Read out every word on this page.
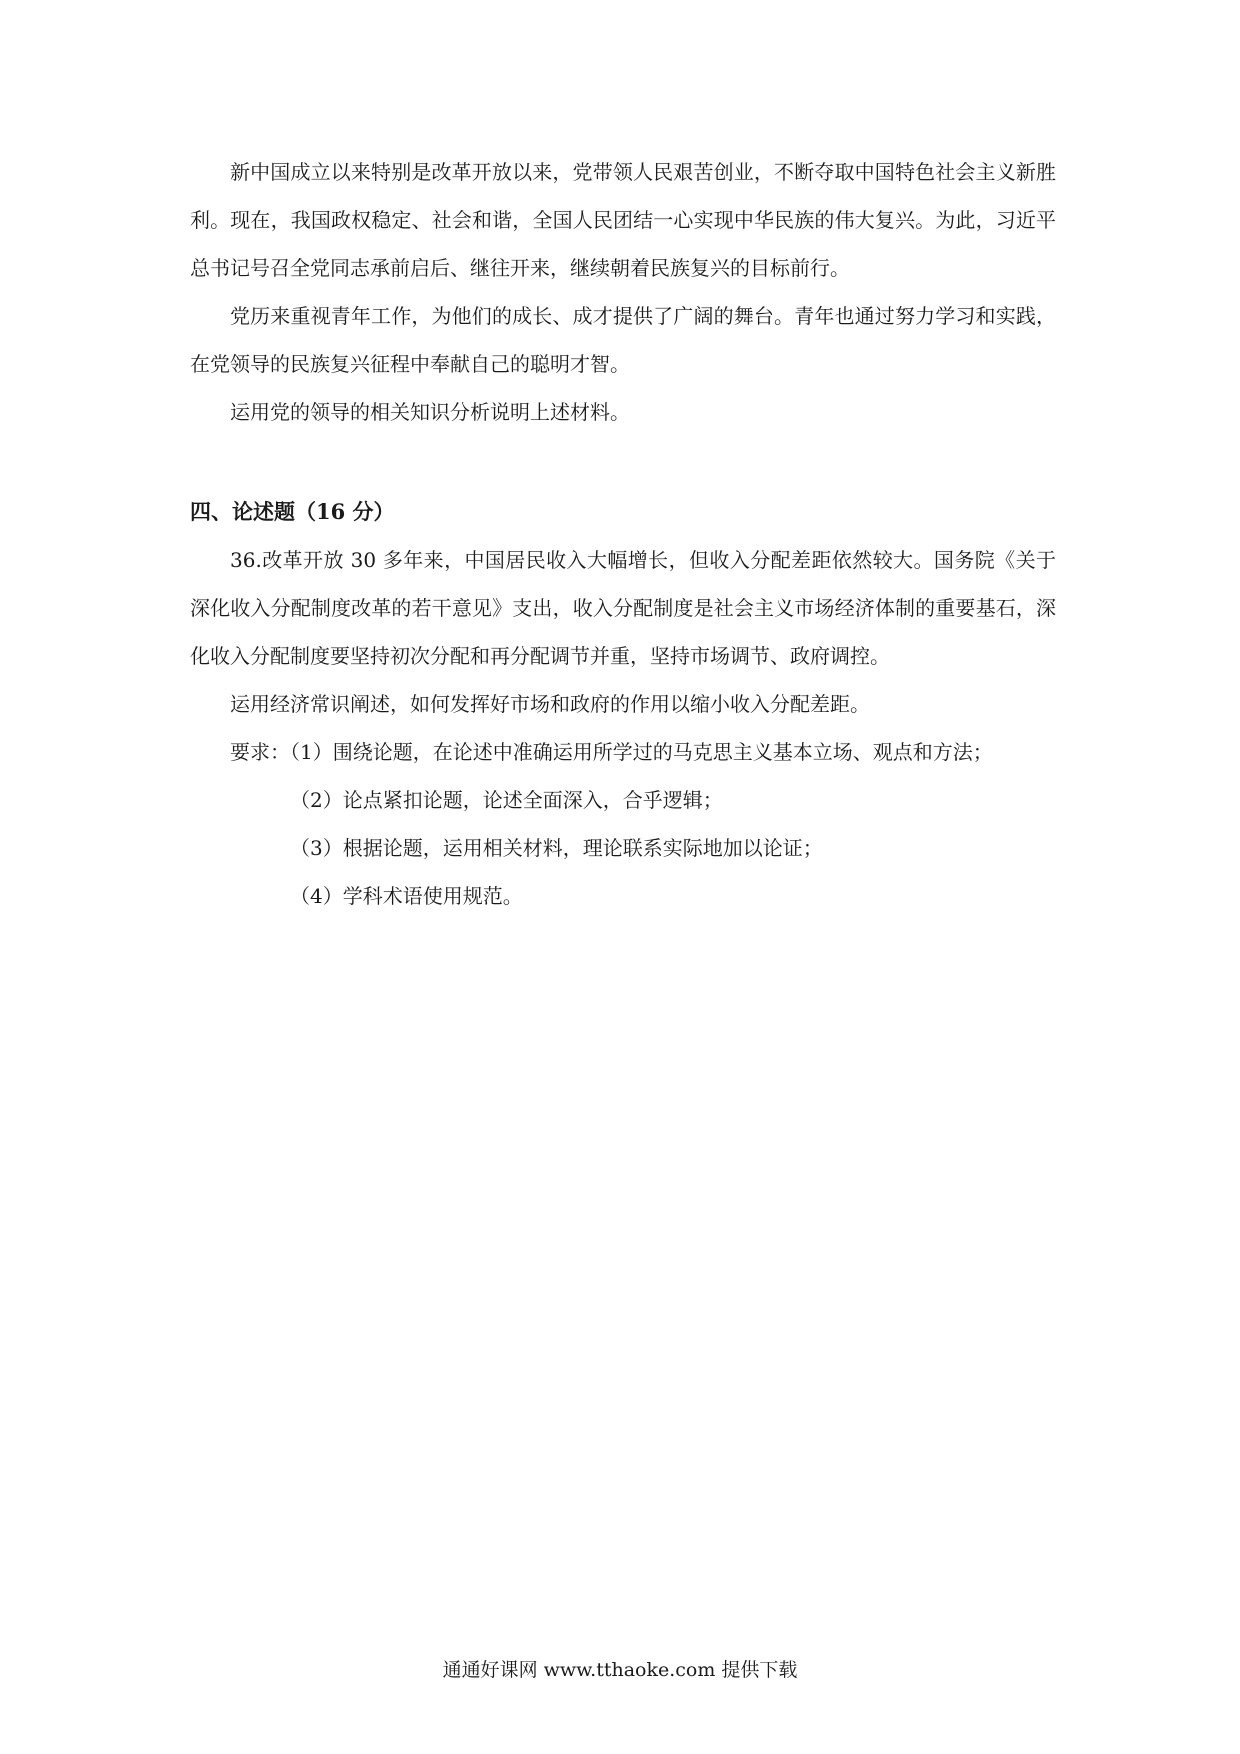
新中国成立以来特别是改革开放以来，党带领人民艰苦创业，不断夺取中国特色社会主义新胜利。现在，我国政权稳定、社会和谐，全国人民团结一心实现中华民族的伟大复兴。为此，习近平总书记号召全党同志承前启后、继往开来，继续朝着民族复兴的目标前行。

党历来重视青年工作，为他们的成长、成才提供了广阔的舞台。青年也通过努力学习和实践，在党领导的民族复兴征程中奉献自己的聪明才智。

运用党的领导的相关知识分析说明上述材料。

四、论述题（16 分）

36.改革开放 30 多年来，中国居民收入大幅增长，但收入分配差距依然较大。国务院《关于深化收入分配制度改革的若干意见》支出，收入分配制度是社会主义市场经济体制的重要基石，深化收入分配制度要坚持初次分配和再分配调节并重，坚持市场调节、政府调控。

运用经济常识阐述，如何发挥好市场和政府的作用以缩小收入分配差距。

要求：（1）围绕论题，在论述中准确运用所学过的马克思主义基本立场、观点和方法；

（2）论点紧扣论题，论述全面深入，合乎逻辑；

（3）根据论题，运用相关材料，理论联系实际地加以论证；

（4）学科术语使用规范。

通通好课网 www.tthaoke.com 提供下载
